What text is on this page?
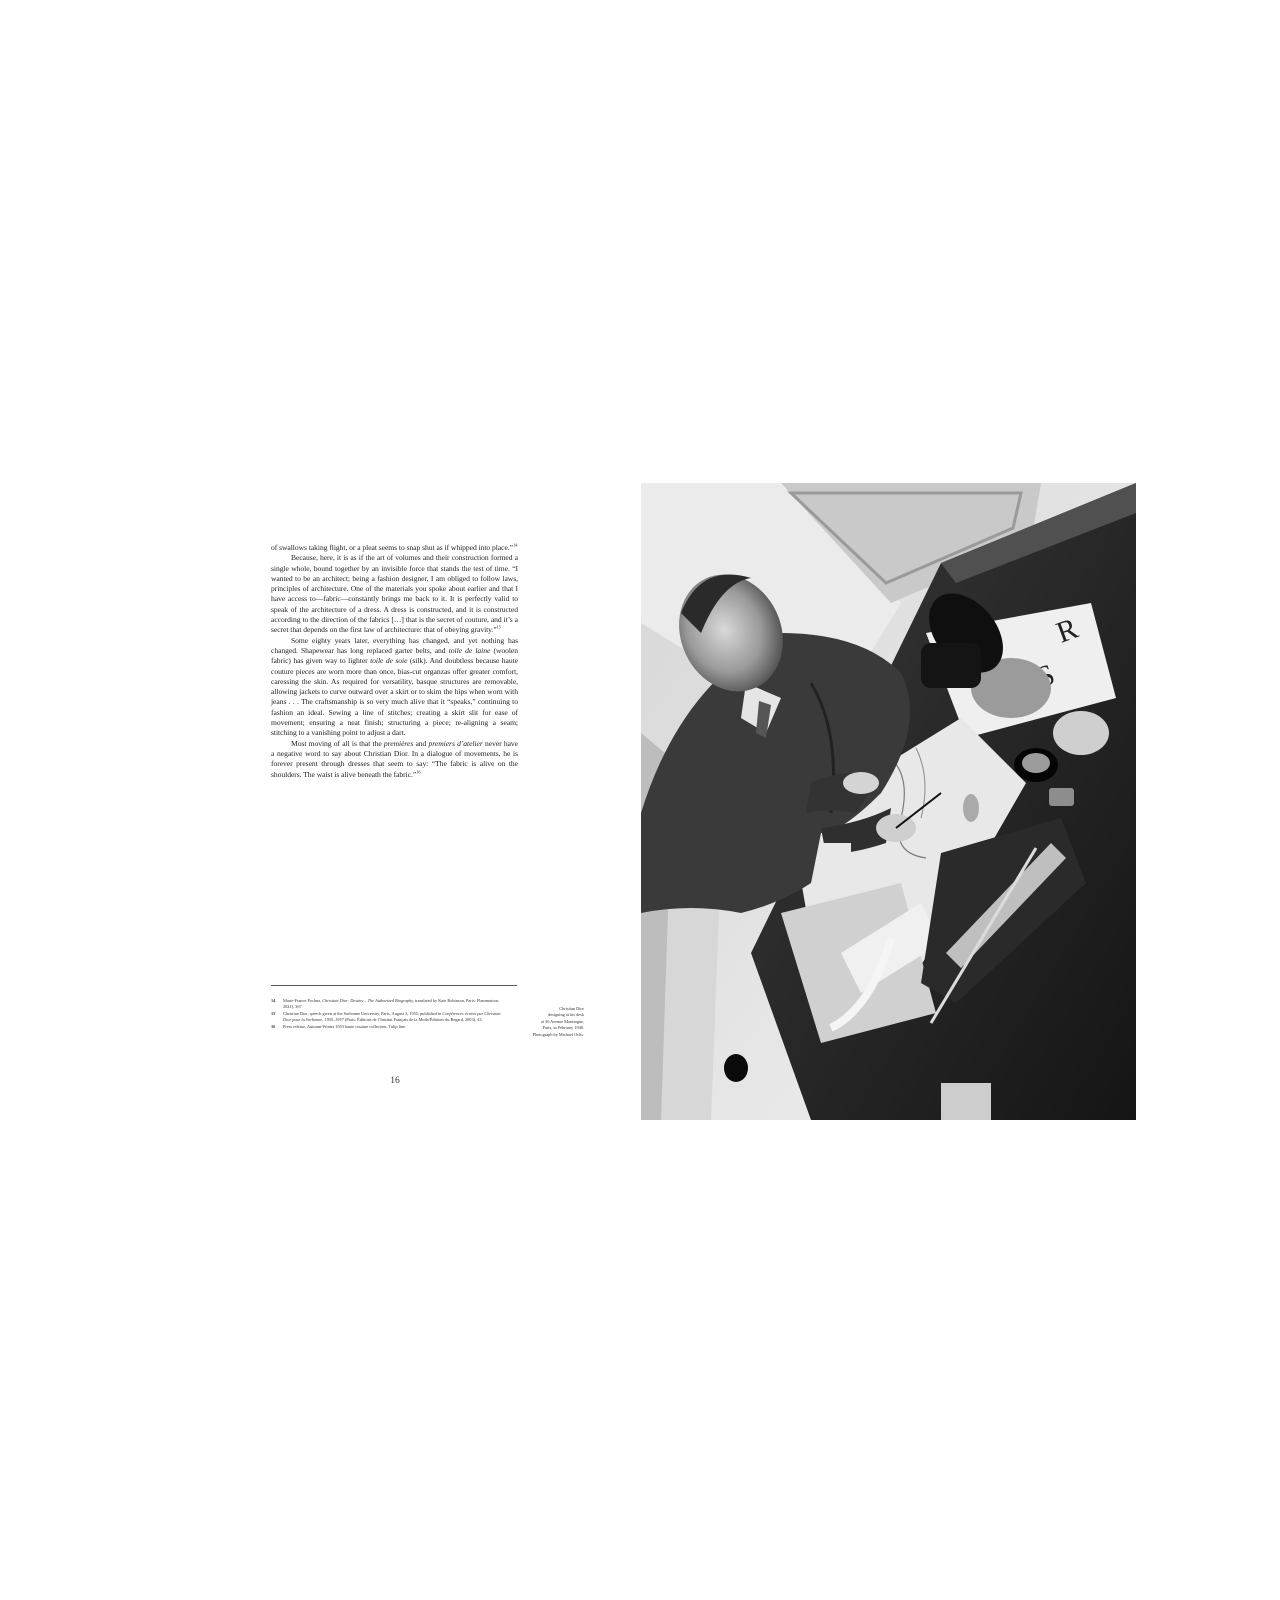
of swallows taking flight, or a pleat seems to snap shut as if whipped into place.”$^{14}$

Because, here, it is as if the art of volumes and their construction formed a single whole, bound together by an invisible force that stands the test of time. “I wanted to be an architect; being a fashion designer, I am obliged to follow laws, principles of architecture. One of the materials you spoke about earlier and that I have access to—fabric—constantly brings me back to it. It is perfectly valid to speak of the architecture of a dress. A dress is constructed, and it is constructed according to the direction of the fabrics […] that is the secret of couture, and it’s a secret that depends on the first law of architecture: that of obeying gravity.”$^{15}$

Some eighty years later, everything has changed, and yet nothing has changed. Shapewear has long replaced garter belts, and toile de laine (woolen fabric) has given way to lighter toile de soie (silk). And doubtless because haute couture pieces are worn more than once, bias-cut organzas offer greater comfort, caressing the skin. As required for versatility, basque structures are removable, allowing jackets to curve outward over a skirt or to skim the hips when worn with jeans . . . The craftsmanship is so very much alive that it “speaks,” continuing to fashion an ideal. Sewing a line of stitches; creating a skirt slit for ease of movement; ensuring a neat finish; structuring a piece; re-aligning a seam; stitching to a vanishing point to adjust a dart.

Most moving of all is that the premières and premiers d’atelier never have a negative word to say about Christian Dior. In a dialogue of movements, he is forever present through dresses that seem to say: “The fabric is alive on the shoulders. The waist is alive beneath the fabric.”$^{16}$

14 Marie-France Pochna, Christian Dior: Destiny – The Authorized Biography, translated by Kate Robinson, Paris: Flammarion, 2021), 367.
15 Christian Dior, speech given at the Sorbonne University, Paris, August 3, 1955, published in Conférences écrites par Christian Dior pour la Sorbonne, 1955–1957 (Paris: Éditions de l’Institut Français de la Mode/Éditions du Regard, 2003), 43.
16 Press release, Autumn-Winter 1953 haute couture collection, Tulip line.
Christian Dior
designing at his desk
at 30 Avenue Montaigne,
Paris, in February 1948.
Photograph by Michael Ochs.
16
R
